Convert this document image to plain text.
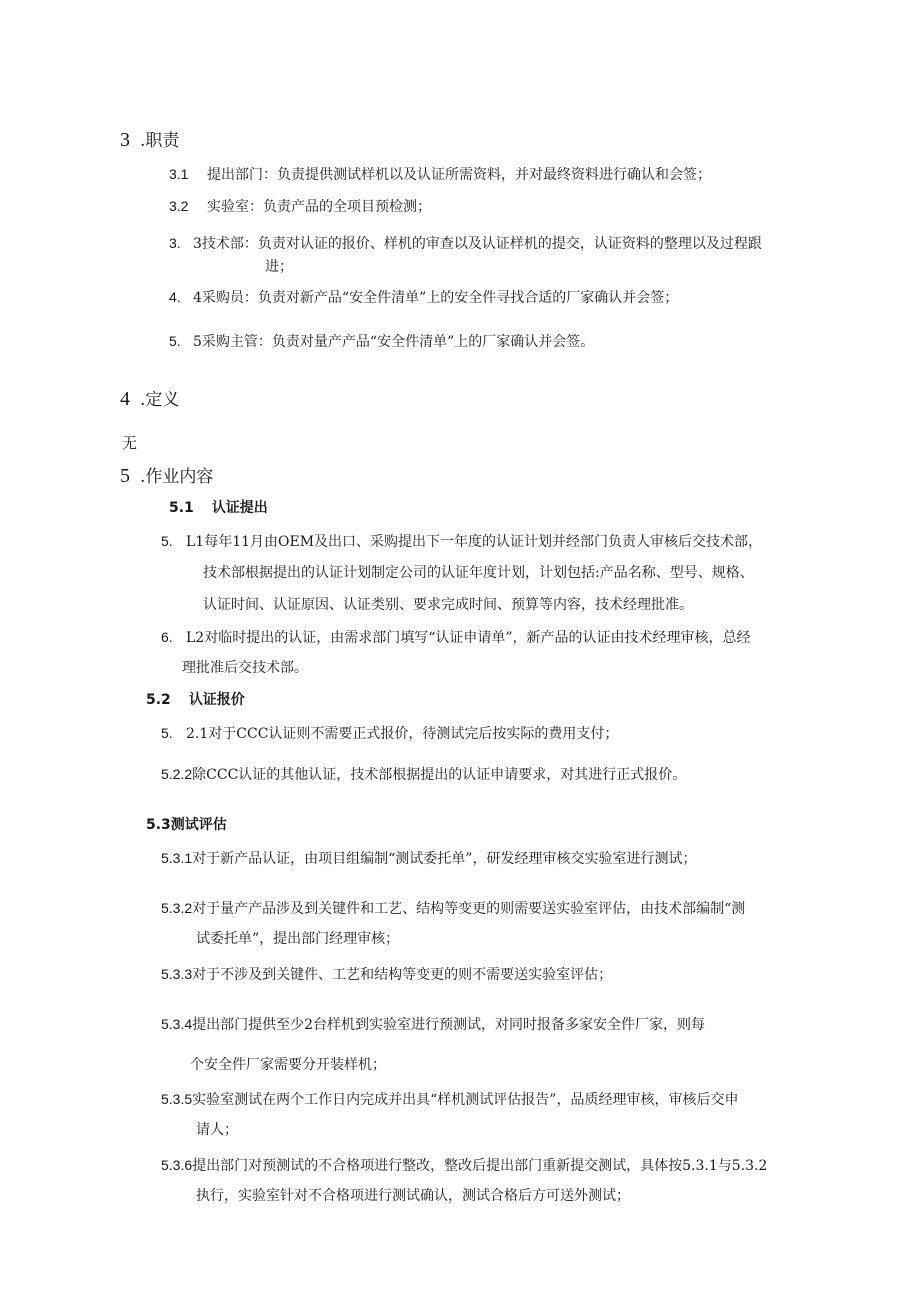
3 .职责
3.1 提出部门：负责提供测试样机以及认证所需资料，并对最终资料进行确认和会签；
3.2 实验室：负责产品的全项目预检测；
3. 3技术部：负责对认证的报价、样机的审查以及认证样机的提交，认证资料的整理以及过程跟
进；
4. 4采购员：负责对新产品“安全件清单”上的安全件寻找合适的厂家确认并会签；
5. 5采购主管：负责对量产产品“安全件清单”上的厂家确认并会签。
4 .定义
无
5 .作业内容
5.1 认证提出
5. L1每年11月由OEM及出口、采购提出下一年度的认证计划并经部门负责人审核后交技术部，
技术部根据提出的认证计划制定公司的认证年度计划，计划包括:产品名称、型号、规格、
认证时间、认证原因、认证类别、要求完成时间、预算等内容，技术经理批准。
6. L2对临时提出的认证，由需求部门填写“认证申请单”，新产品的认证由技术经理审核，总经
理批准后交技术部。
5.2 认证报价
5. 2.1对于CCC认证则不需要正式报价，待测试完后按实际的费用支付；
5.2.2除CCC认证的其他认证，技术部根据提出的认证申请要求，对其进行正式报价。
5.3测试评估
5.3.1对于新产品认证，由项目组编制“测试委托单”，研发经理审核交实验室进行测试；
5.3.2对于量产产品涉及到关键件和工艺、结构等变更的则需要送实验室评估，由技术部编制“测
试委托单”，提出部门经理审核；
5.3.3对于不涉及到关键件、工艺和结构等变更的则不需要送实验室评估；
5.3.4提出部门提供至少2台样机到实验室进行预测试，对同时报备多家安全件厂家，则每
个安全件厂家需要分开装样机；
5.3.5实验室测试在两个工作日内完成并出具“样机测试评估报告”，品质经理审核，审核后交申
请人；
5.3.6提出部门对预测试的不合格项进行整改，整改后提出部门重新提交测试，具体按5.3.1与5.3.2
执行，实验室针对不合格项进行测试确认，测试合格后方可送外测试；
